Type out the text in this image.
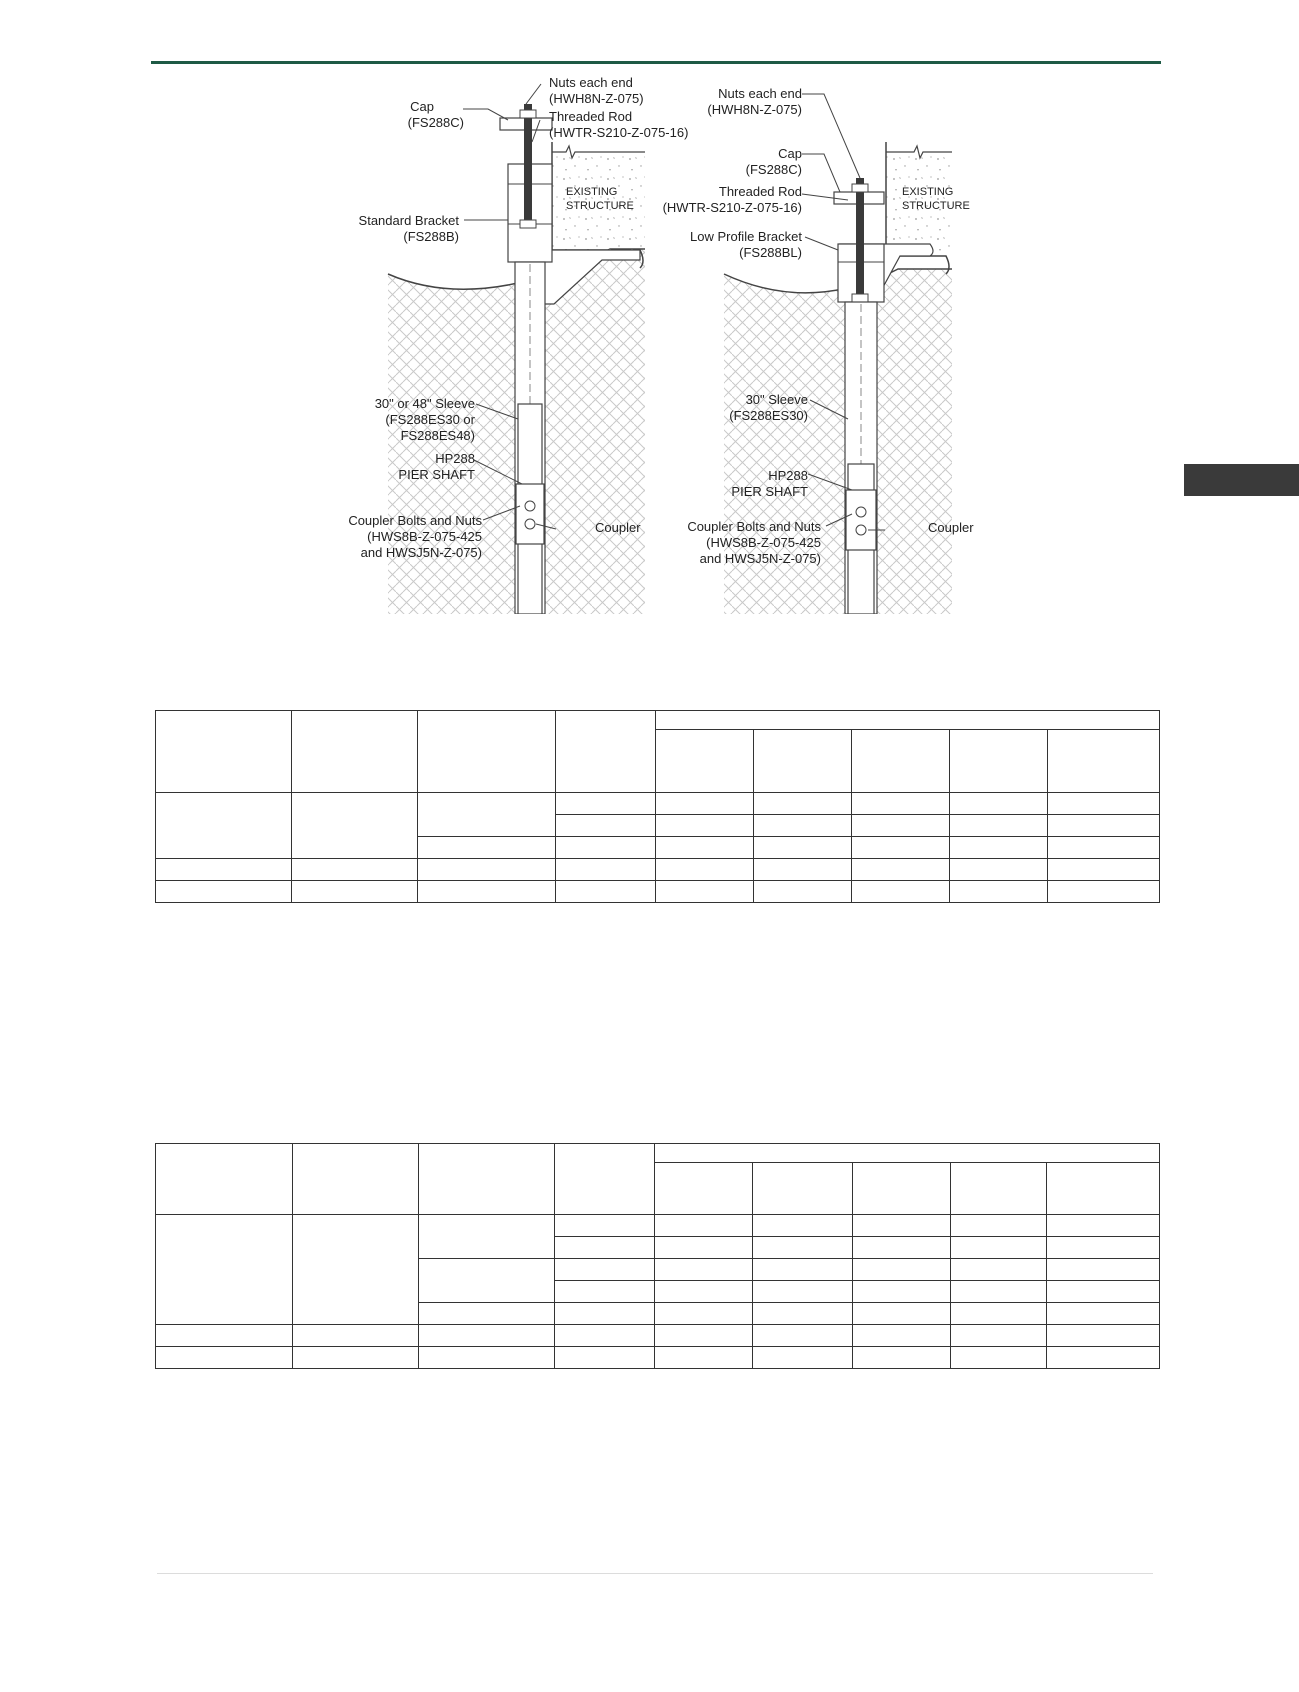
Nuts each end
(HWH8N-Z-075)
Cap
(FS288C)	Threaded Rod
(HWTR-S210-Z-075-16)
Standard Bracket
(FS288B)
EXISTING
STRUCTURE
30" or 48" Sleeve
(FS288ES30 or
FS288ES48)
HP288
PIER SHAFT
Coupler Bolts and Nuts
(HWS8B-Z-075-425
and HWSJ5N-Z-075)
Coupler
Nuts each end
(HWH8N-Z-075)
Cap
(FS288C)
Threaded Rod
(HWTR-S210-Z-075-16)
Low Profile Bracket
(FS288BL)
EXISTING
STRUCTURE
30" Sleeve
(FS288ES30)
HP288
PIER SHAFT
Coupler Bolts and Nuts
(HWS8B-Z-075-425
and HWSJ5N-Z-075)
Coupler
